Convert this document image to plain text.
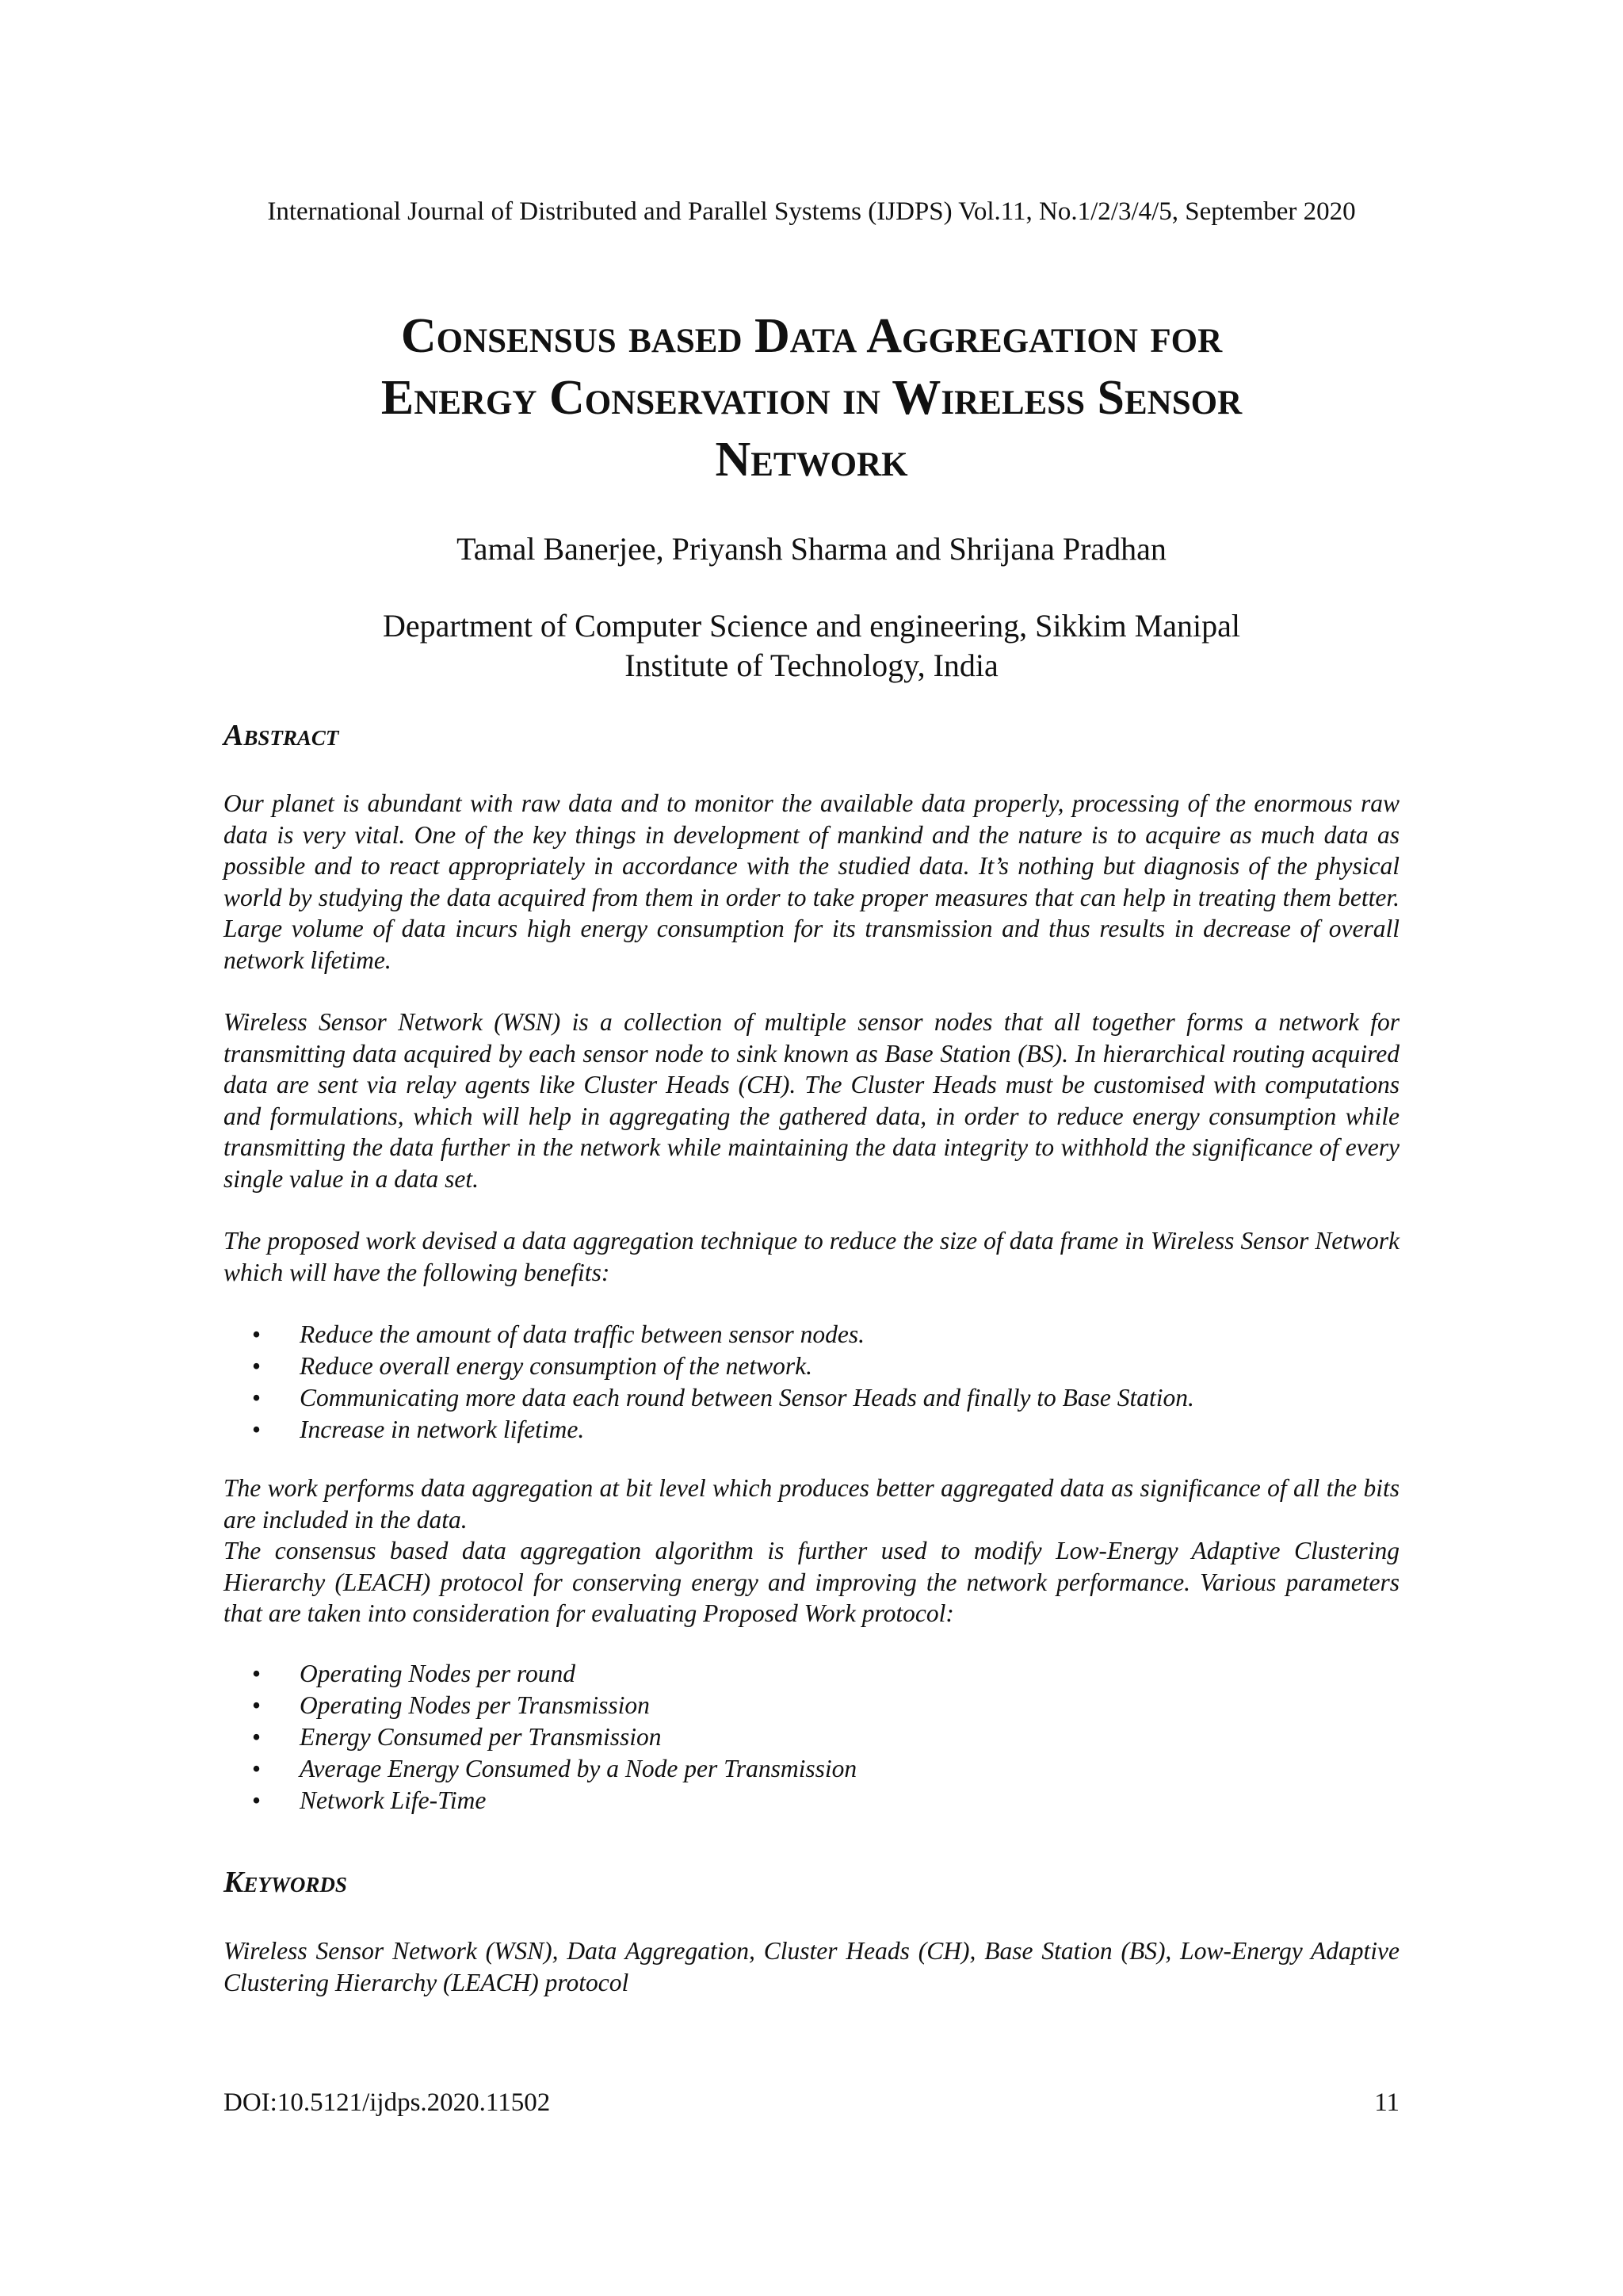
International Journal of Distributed and Parallel Systems (IJDPS) Vol.11, No.1/2/3/4/5, September 2020
Consensus based Data Aggregation for
Energy Conservation in Wireless Sensor
Network
Tamal Banerjee, Priyansh Sharma and Shrijana Pradhan
Department of Computer Science and engineering, Sikkim Manipal
Institute of Technology, India
Abstract

Our planet is abundant with raw data and to monitor the available data properly, processing of the enormous raw data is very vital. One of the key things in development of mankind and the nature is to acquire as much data as possible and to react appropriately in accordance with the studied data. It’s nothing but diagnosis of the physical world by studying the data acquired from them in order to take proper measures that can help in treating them better. Large volume of data incurs high energy consumption for its transmission and thus results in decrease of overall network lifetime.

Wireless Sensor Network (WSN) is a collection of multiple sensor nodes that all together forms a network for transmitting data acquired by each sensor node to sink known as Base Station (BS). In hierarchical routing acquired data are sent via relay agents like Cluster Heads (CH). The Cluster Heads must be customised with computations and formulations, which will help in aggregating the gathered data, in order to reduce energy consumption while transmitting the data further in the network while maintaining the data integrity to withhold the significance of every single value in a data set.

The proposed work devised a data aggregation technique to reduce the size of data frame in Wireless Sensor Network which will have the following benefits:

• Reduce the amount of data traffic between sensor nodes.
• Reduce overall energy consumption of the network.
• Communicating more data each round between Sensor Heads and finally to Base Station.
• Increase in network lifetime.

The work performs data aggregation at bit level which produces better aggregated data as significance of all the bits are included in the data.

The consensus based data aggregation algorithm is further used to modify Low-Energy Adaptive Clustering Hierarchy (LEACH) protocol for conserving energy and improving the network performance. Various parameters that are taken into consideration for evaluating Proposed Work protocol:

• Operating Nodes per round
• Operating Nodes per Transmission
• Energy Consumed per Transmission
• Average Energy Consumed by a Node per Transmission
• Network Life-Time
Keywords

Wireless Sensor Network (WSN), Data Aggregation, Cluster Heads (CH), Base Station (BS), Low-Energy Adaptive Clustering Hierarchy (LEACH) protocol

DOI:10.5121/ijdps.2020.11502	11
